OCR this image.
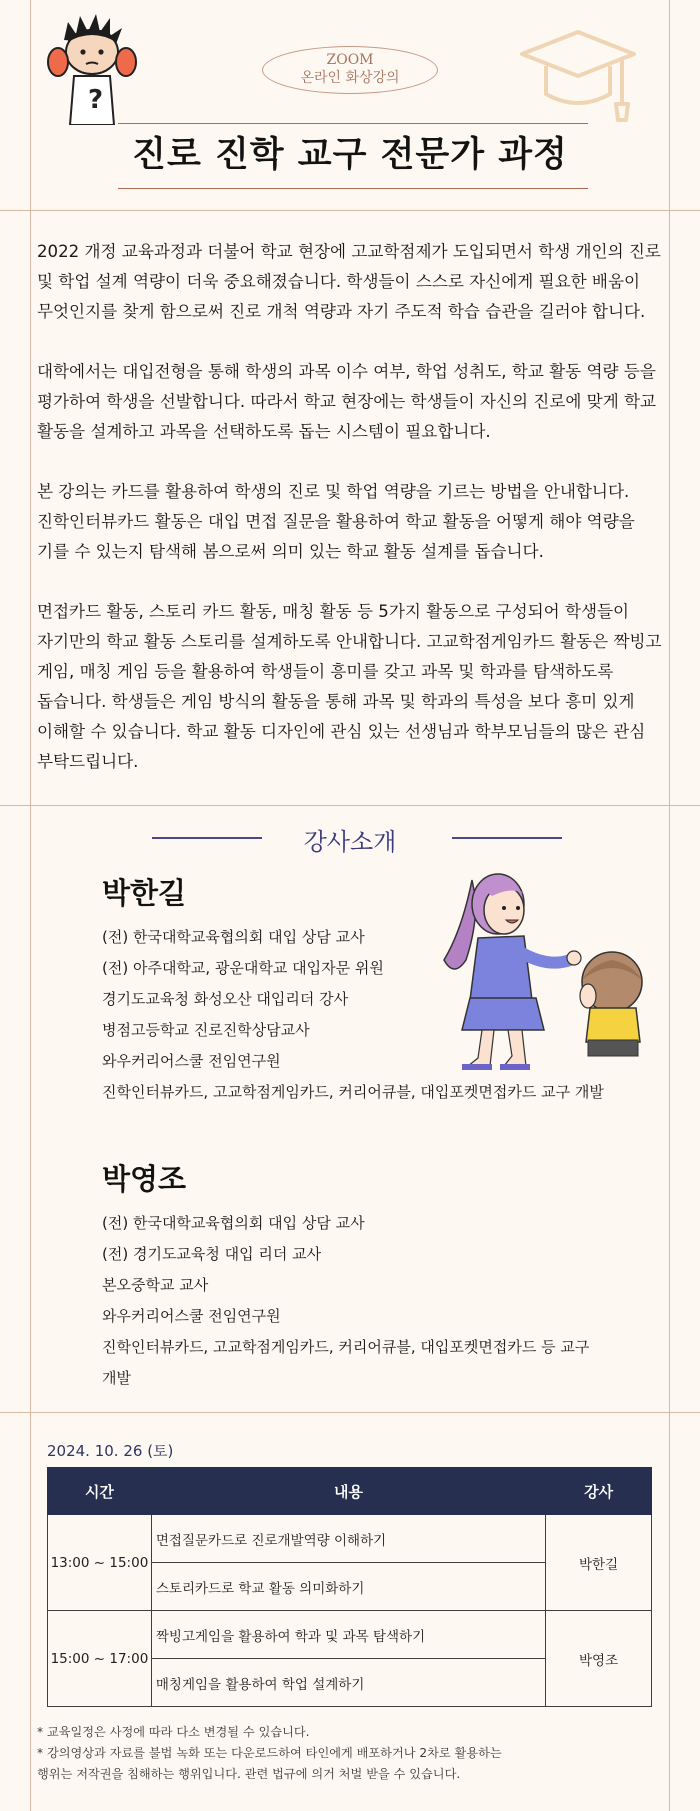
?
ZOOM
온라인 화상강의
진로 진학 교구 전문가 과정

2022 개정 교육과정과 더불어 학교 현장에 고교학점제가 도입되면서 학생 개인의 진로 및 학업 설계 역량이 더욱 중요해졌습니다. 학생들이 스스로 자신에게 필요한 배움이 무엇인지를 찾게 함으로써 진로 개척 역량과 자기 주도적 학습 습관을 길러야 합니다.

대학에서는 대입전형을 통해 학생의 과목 이수 여부, 학업 성취도, 학교 활동 역량 등을 평가하여 학생을 선발합니다. 따라서 학교 현장에는 학생들이 자신의 진로에 맞게 학교 활동을 설계하고 과목을 선택하도록 돕는 시스템이 필요합니다.

본 강의는 카드를 활용하여 학생의 진로 및 학업 역량을 기르는 방법을 안내합니다. 진학인터뷰카드 활동은 대입 면접 질문을 활용하여 학교 활동을 어떻게 해야 역량을 기를 수 있는지 탐색해 봄으로써 의미 있는 학교 활동 설계를 돕습니다.

면접카드 활동, 스토리 카드 활동, 매칭 활동 등 5가지 활동으로 구성되어 학생들이 자기만의 학교 활동 스토리를 설계하도록 안내합니다. 고교학점게임카드 활동은 짝빙고 게임, 매칭 게임 등을 활용하여 학생들이 흥미를 갖고 과목 및 학과를 탐색하도록 돕습니다. 학생들은 게임 방식의 활동을 통해 과목 및 학과의 특성을 보다 흥미 있게 이해할 수 있습니다. 학교 활동 디자인에 관심 있는 선생님과 학부모님들의 많은 관심 부탁드립니다.

강사소개
박한길
(전) 한국대학교육협의회 대입 상담 교사
(전) 아주대학교, 광운대학교 대입자문 위원
경기도교육청 화성오산 대입리더 강사
병점고등학교 진로진학상담교사
와우커리어스쿨 전임연구원
진학인터뷰카드, 고교학점게임카드, 커리어큐블, 대입포켓면접카드 교구 개발
박영조
(전) 한국대학교육협의회 대입 상담 교사
(전) 경기도교육청 대입 리더 교사
본오중학교 교사
와우커리어스쿨 전임연구원
진학인터뷰카드, 고교학점게임카드, 커리어큐블, 대입포켓면접카드 등 교구 개발
2024. 10. 26 (토)
시간	내용	강사
13:00 ~ 15:00	면접질문카드로 진로개발역량 이해하기	박한길
	스토리카드로 학교 활동 의미화하기	
15:00 ~ 17:00	짝빙고게임을 활용하여 학과 및 과목 탐색하기	박영조
	매칭게임을 활용하여 학업 설계하기	

* 교육일정은 사정에 따라 다소 변경될 수 있습니다.

* 강의영상과 자료를 불법 녹화 또는 다운로드하여 타인에게 배포하거나 2차로 활용하는

행위는 저작권을 침해하는 행위입니다. 관련 법규에 의거 처벌 받을 수 있습니다.
